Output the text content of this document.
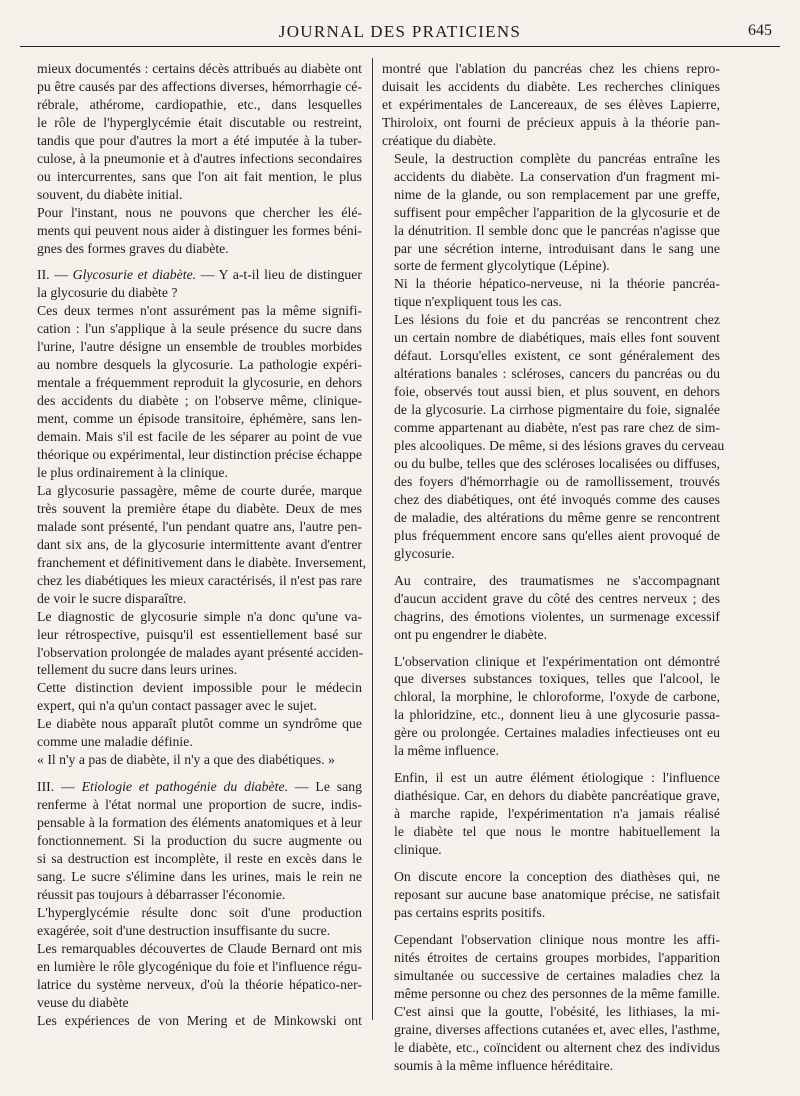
JOURNAL DES PRATICIENS	645

mieux documentés : certains décès attribués au diabète ont
pu être causés par des affections diverses, hémorrhagie cé-
rébrale, athérome, cardiopathie, etc., dans lesquelles
le rôle de l'hyperglycémie était discutable ou restreint,
tandis que pour d'autres la mort a été imputée à la tuber-
culose, à la pneumonie et à d'autres infections secondaires
ou intercurrentes, sans que l'on ait fait mention, le plus
souvent, du diabète initial.

Pour l'instant, nous ne pouvons que chercher les élé-
ments qui peuvent nous aider à distinguer les formes béni-
gnes des formes graves du diabète.

II. — Glycosurie et diabète. — Y a-t-il lieu de distinguer
la glycosurie du diabète ?

Ces deux termes n'ont assurément pas la même signifi-
cation : l'un s'applique à la seule présence du sucre dans
l'urine, l'autre désigne un ensemble de troubles morbides
au nombre desquels la glycosurie. La pathologie expéri-
mentale a fréquemment reproduit la glycosurie, en dehors
des accidents du diabète ; on l'observe même, clinique-
ment, comme un épisode transitoire, éphémère, sans len-
demain. Mais s'il est facile de les séparer au point de vue
théorique ou expérimental, leur distinction précise échappe
le plus ordinairement à la clinique.

La glycosurie passagère, même de courte durée, marque
très souvent la première étape du diabète. Deux de mes
malade sont présenté, l'un pendant quatre ans, l'autre pen-
dant six ans, de la glycosurie intermittente avant d'entrer
franchement et définitivement dans le diabète. Inversement,
chez les diabétiques les mieux caractérisés, il n'est pas rare
de voir le sucre disparaître.

Le diagnostic de glycosurie simple n'a donc qu'une va-
leur rétrospective, puisqu'il est essentiellement basé sur
l'observation prolongée de malades ayant présenté acciden-
tellement du sucre dans leurs urines.

Cette distinction devient impossible pour le médecin
expert, qui n'a qu'un contact passager avec le sujet.

Le diabète nous apparaît plutôt comme un syndrôme que
comme une maladie définie.

« Il n'y a pas de diabète, il n'y a que des diabétiques. »

III. — Etiologie et pathogénie du diabète. — Le sang
renferme à l'état normal une proportion de sucre, indis-
pensable à la formation des éléments anatomiques et à leur
fonctionnement. Si la production du sucre augmente ou
si sa destruction est incomplète, il reste en excès dans le
sang. Le sucre s'élimine dans les urines, mais le rein ne
réussit pas toujours à débarrasser l'économie.

L'hyperglycémie résulte donc soit d'une production
exagérée, soit d'une destruction insuffisante du sucre.

Les remarquables découvertes de Claude Bernard ont mis
en lumière le rôle glycogénique du foie et l'influence régu-
latrice du système nerveux, d'où la théorie hépatico-ner-
veuse du diabète

Les expériences de von Mering et de Minkowski ont

montré que l'ablation du pancréas chez les chiens repro-
duisait les accidents du diabète. Les recherches cliniques
et expérimentales de Lancereaux, de ses élèves Lapierre,
Thiroloix, ont fourni de précieux appuis à la théorie pan-
créatique du diabète.

Seule, la destruction complète du pancréas entraîne les
accidents du diabète. La conservation d'un fragment mi-
nime de la glande, ou son remplacement par une greffe,
suffisent pour empêcher l'apparition de la glycosurie et de
la dénutrition. Il semble donc que le pancréas n'agisse que
par une sécrétion interne, introduisant dans le sang une
sorte de ferment glycolytique (Lépine).

Ni la théorie hépatico-nerveuse, ni la théorie pancréa-
tique n'expliquent tous les cas.

Les lésions du foie et du pancréas se rencontrent chez
un certain nombre de diabétiques, mais elles font souvent
défaut. Lorsqu'elles existent, ce sont généralement des
altérations banales : scléroses, cancers du pancréas ou du
foie, observés tout aussi bien, et plus souvent, en dehors
de la glycosurie. La cirrhose pigmentaire du foie, signalée
comme appartenant au diabète, n'est pas rare chez de sim-
ples alcooliques. De même, si des lésions graves du cerveau
ou du bulbe, telles que des scléroses localisées ou diffuses,
des foyers d'hémorrhagie ou de ramollissement, trouvés
chez des diabétiques, ont été invoqués comme des causes
de maladie, des altérations du même genre se rencontrent
plus fréquemment encore sans qu'elles aient provoqué de
glycosurie.

Au contraire, des traumatismes ne s'accompagnant
d'aucun accident grave du côté des centres nerveux ; des
chagrins, des émotions violentes, un surmenage excessif
ont pu engendrer le diabète.

L'observation clinique et l'expérimentation ont démontré
que diverses substances toxiques, telles que l'alcool, le
chloral, la morphine, le chloroforme, l'oxyde de carbone,
la phloridzine, etc., donnent lieu à une glycosurie passa-
gère ou prolongée. Certaines maladies infectieuses ont eu
la même influence.

Enfin, il est un autre élément étiologique : l'influence
diathésique. Car, en dehors du diabète pancréatique grave,
à marche rapide, l'expérimentation n'a jamais réalisé
le diabète tel que nous le montre habituellement la
clinique.

On discute encore la conception des diathèses qui, ne
reposant sur aucune base anatomique précise, ne satisfait
pas certains esprits positifs.

Cependant l'observation clinique nous montre les affi-
nités étroites de certains groupes morbides, l'apparition
simultanée ou successive de certaines maladies chez la
même personne ou chez des personnes de la même famille.
C'est ainsi que la goutte, l'obésité, les lithiases, la mi-
graine, diverses affections cutanées et, avec elles, l'asthme,
le diabète, etc., coïncident ou alternent chez des individus
soumis à la même influence héréditaire.
